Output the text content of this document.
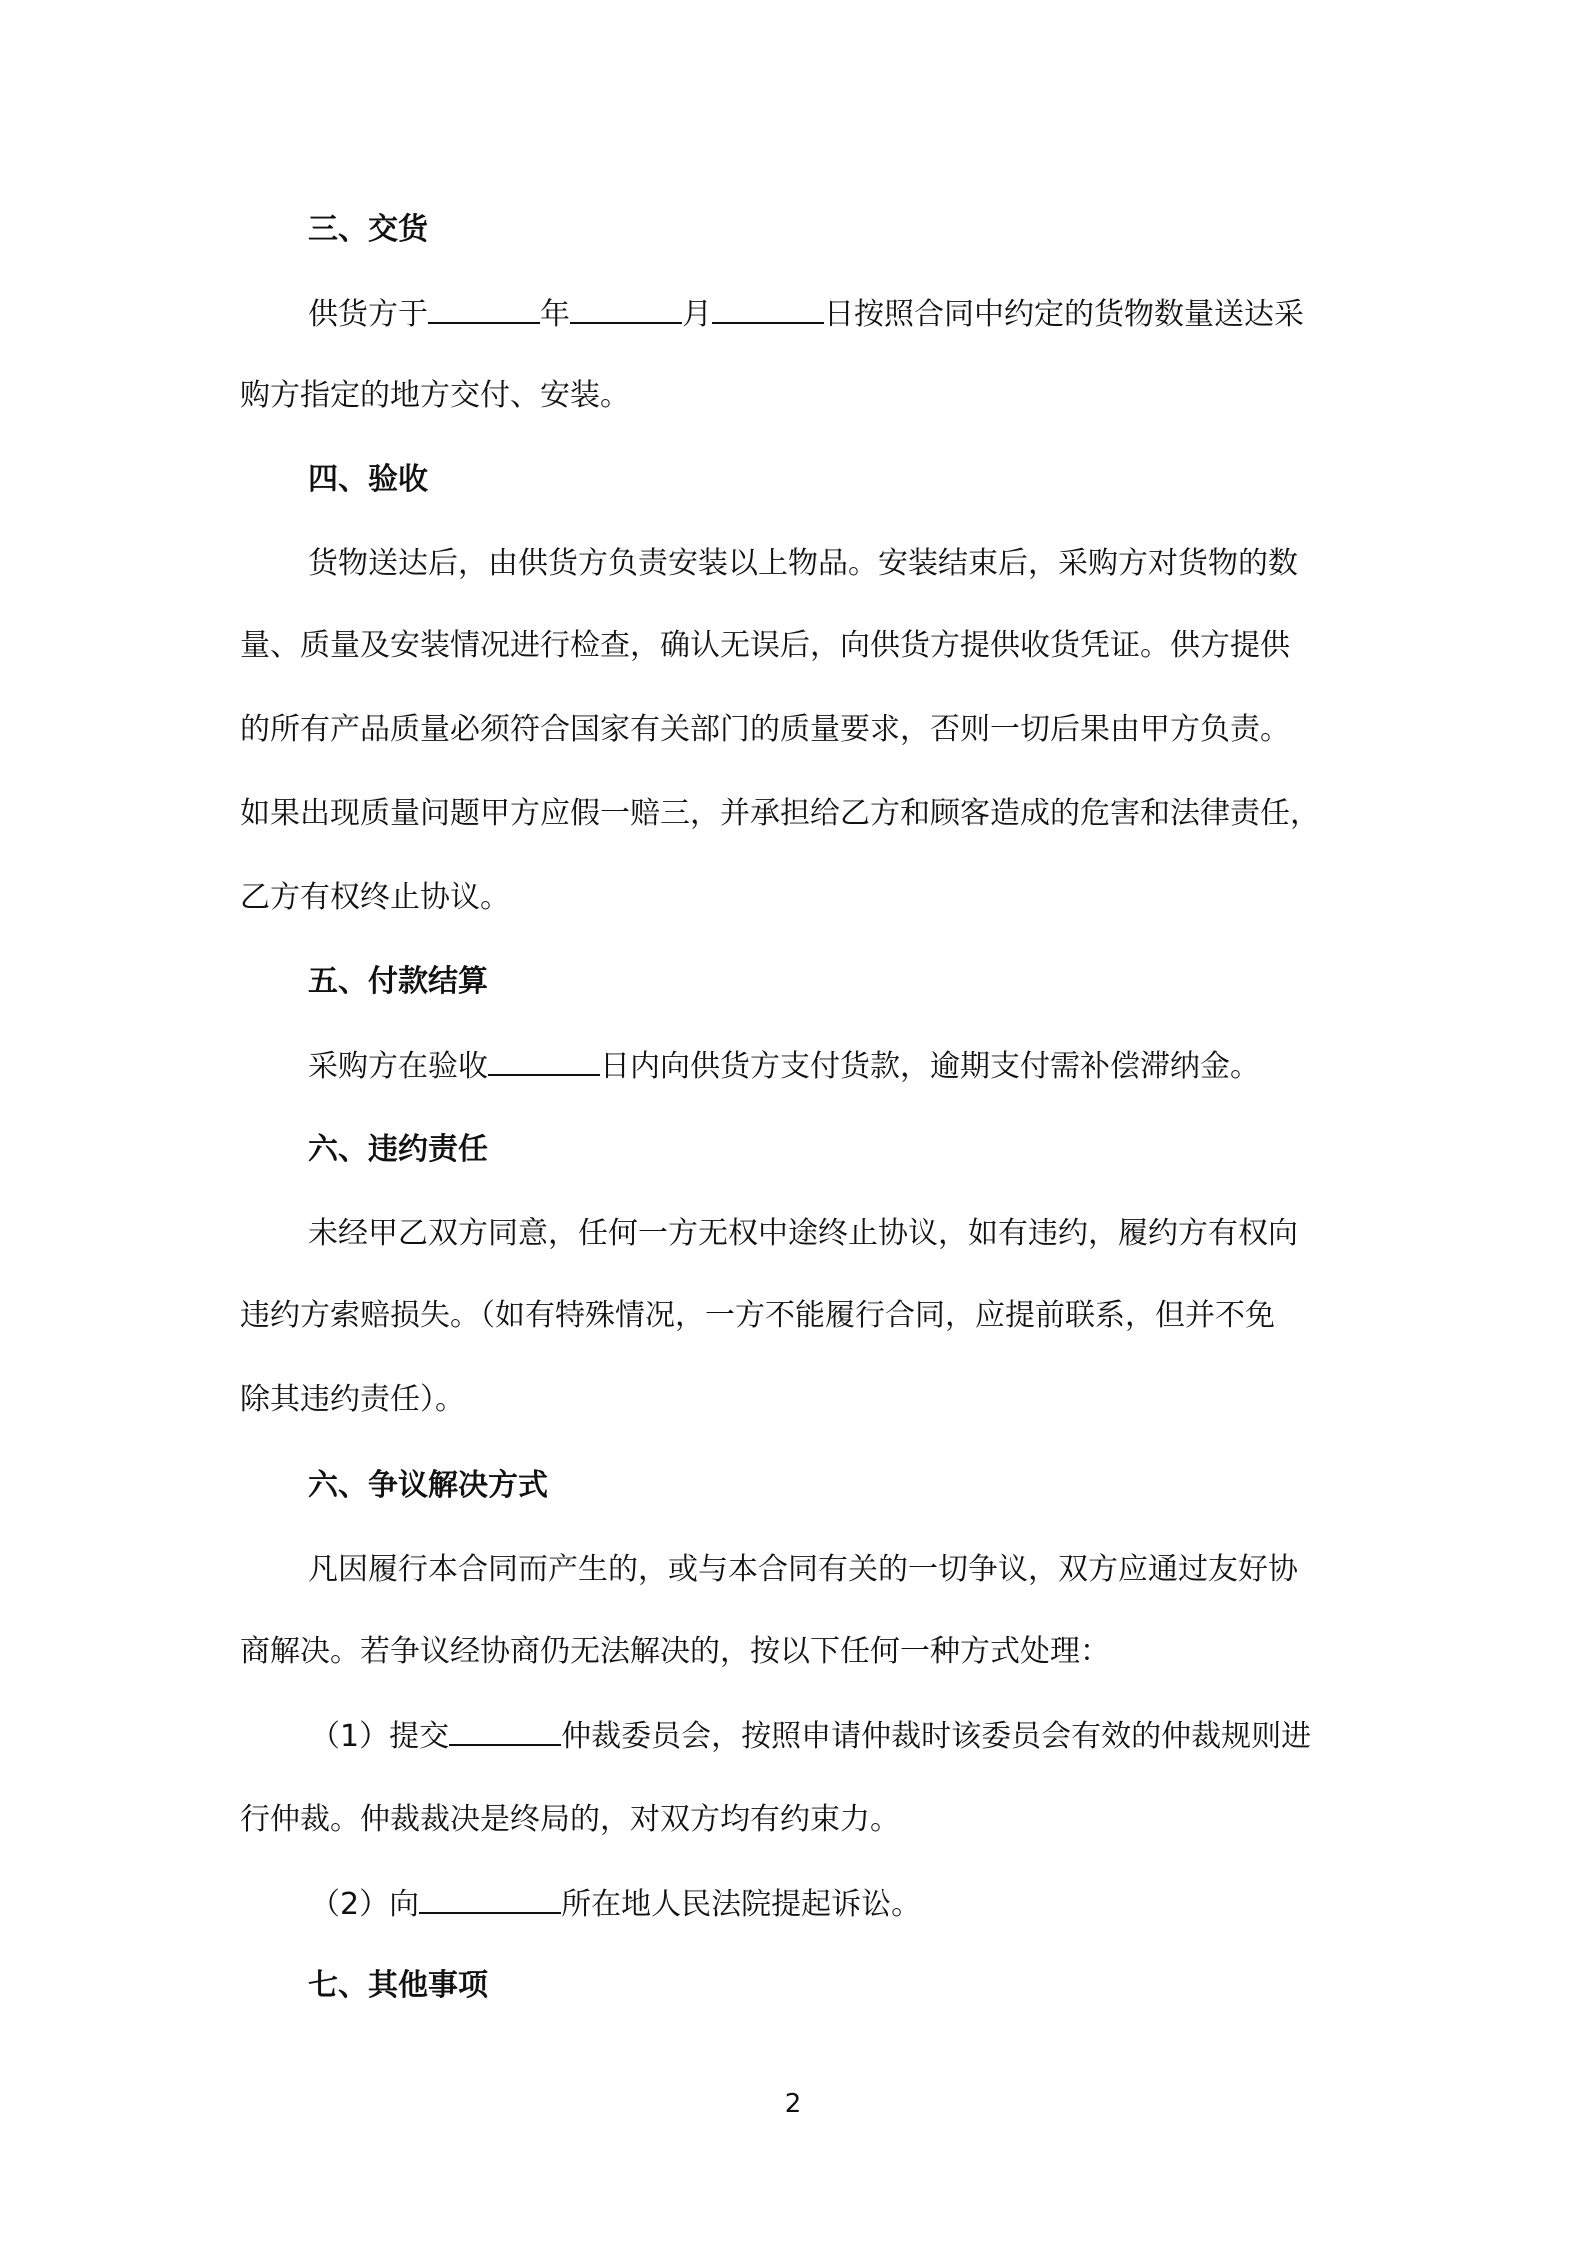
三、交货
供货方于	年	月	日按照合同中约定的货物数量送达采
购方指定的地方交付、安装。
四、验收
货物送达后，由供货方负责安装以上物品。安装结束后，采购方对货物的数
量、质量及安装情况进行检查，确认无误后，向供货方提供收货凭证。供方提供
的所有产品质量必须符合国家有关部门的质量要求，否则一切后果由甲方负责。
如果出现质量问题甲方应假一赔三，并承担给乙方和顾客造成的危害和法律责任，
乙方有权终止协议。
五、付款结算
采购方在验收	日内向供货方支付货款，逾期支付需补偿滞纳金。
六、违约责任
未经甲乙双方同意，任何一方无权中途终止协议，如有违约，履约方有权向
违约方索赔损失。（如有特殊情况，一方不能履行合同，应提前联系，但并不免
除其违约责任）。
六、争议解决方式
凡因履行本合同而产生的，或与本合同有关的一切争议，双方应通过友好协
商解决。若争议经协商仍无法解决的，按以下任何一种方式处理：
（1）提交	仲裁委员会，按照申请仲裁时该委员会有效的仲裁规则进
行仲裁。仲裁裁决是终局的，对双方均有约束力。
（2）向	所在地人民法院提起诉讼。
七、其他事项
2
